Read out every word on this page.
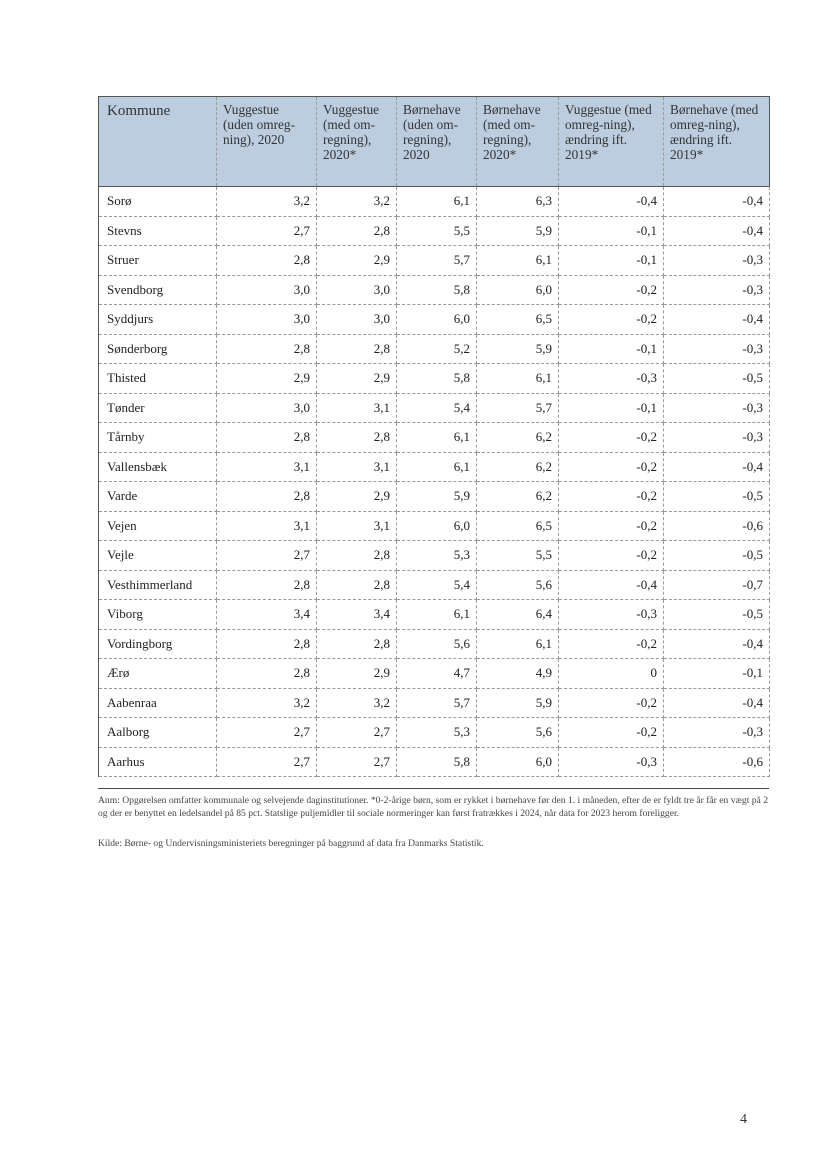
Kommune	Vuggestue (uden omreg-ning), 2020	Vuggestue (med om-regning), 2020*	Børnehave (uden om-regning), 2020	Børnehave (med om-regning), 2020*	Vuggestue (med omreg-ning), ændring ift. 2019*	Børnehave (med omreg-ning), ændring ift. 2019*
Sorø	3,2	3,2	6,1	6,3	-0,4	-0,4
Stevns	2,7	2,8	5,5	5,9	-0,1	-0,4
Struer	2,8	2,9	5,7	6,1	-0,1	-0,3
Svendborg	3,0	3,0	5,8	6,0	-0,2	-0,3
Syddjurs	3,0	3,0	6,0	6,5	-0,2	-0,4
Sønderborg	2,8	2,8	5,2	5,9	-0,1	-0,3
Thisted	2,9	2,9	5,8	6,1	-0,3	-0,5
Tønder	3,0	3,1	5,4	5,7	-0,1	-0,3
Tårnby	2,8	2,8	6,1	6,2	-0,2	-0,3
Vallensbæk	3,1	3,1	6,1	6,2	-0,2	-0,4
Varde	2,8	2,9	5,9	6,2	-0,2	-0,5
Vejen	3,1	3,1	6,0	6,5	-0,2	-0,6
Vejle	2,7	2,8	5,3	5,5	-0,2	-0,5
Vesthimmerland	2,8	2,8	5,4	5,6	-0,4	-0,7
Viborg	3,4	3,4	6,1	6,4	-0,3	-0,5
Vordingborg	2,8	2,8	5,6	6,1	-0,2	-0,4
Ærø	2,8	2,9	4,7	4,9	0	-0,1
Aabenraa	3,2	3,2	5,7	5,9	-0,2	-0,4
Aalborg	2,7	2,7	5,3	5,6	-0,2	-0,3
Aarhus	2,7	2,7	5,8	6,0	-0,3	-0,6
Anm: Opgørelsen omfatter kommunale og selvejende daginstitutioner. *0-2-årige børn, som er rykket i børnehave før den 1. i måneden, efter de er fyldt tre år får en vægt på 2 og der er benyttet en ledelsandel på 85 pct. Statslige puljemidler til sociale normeringer kan først fratrækkes i 2024, når data for 2023 herom foreligger.
Kilde: Børne- og Undervisningsministeriets beregninger på baggrund af data fra Danmarks Statistik.
4
